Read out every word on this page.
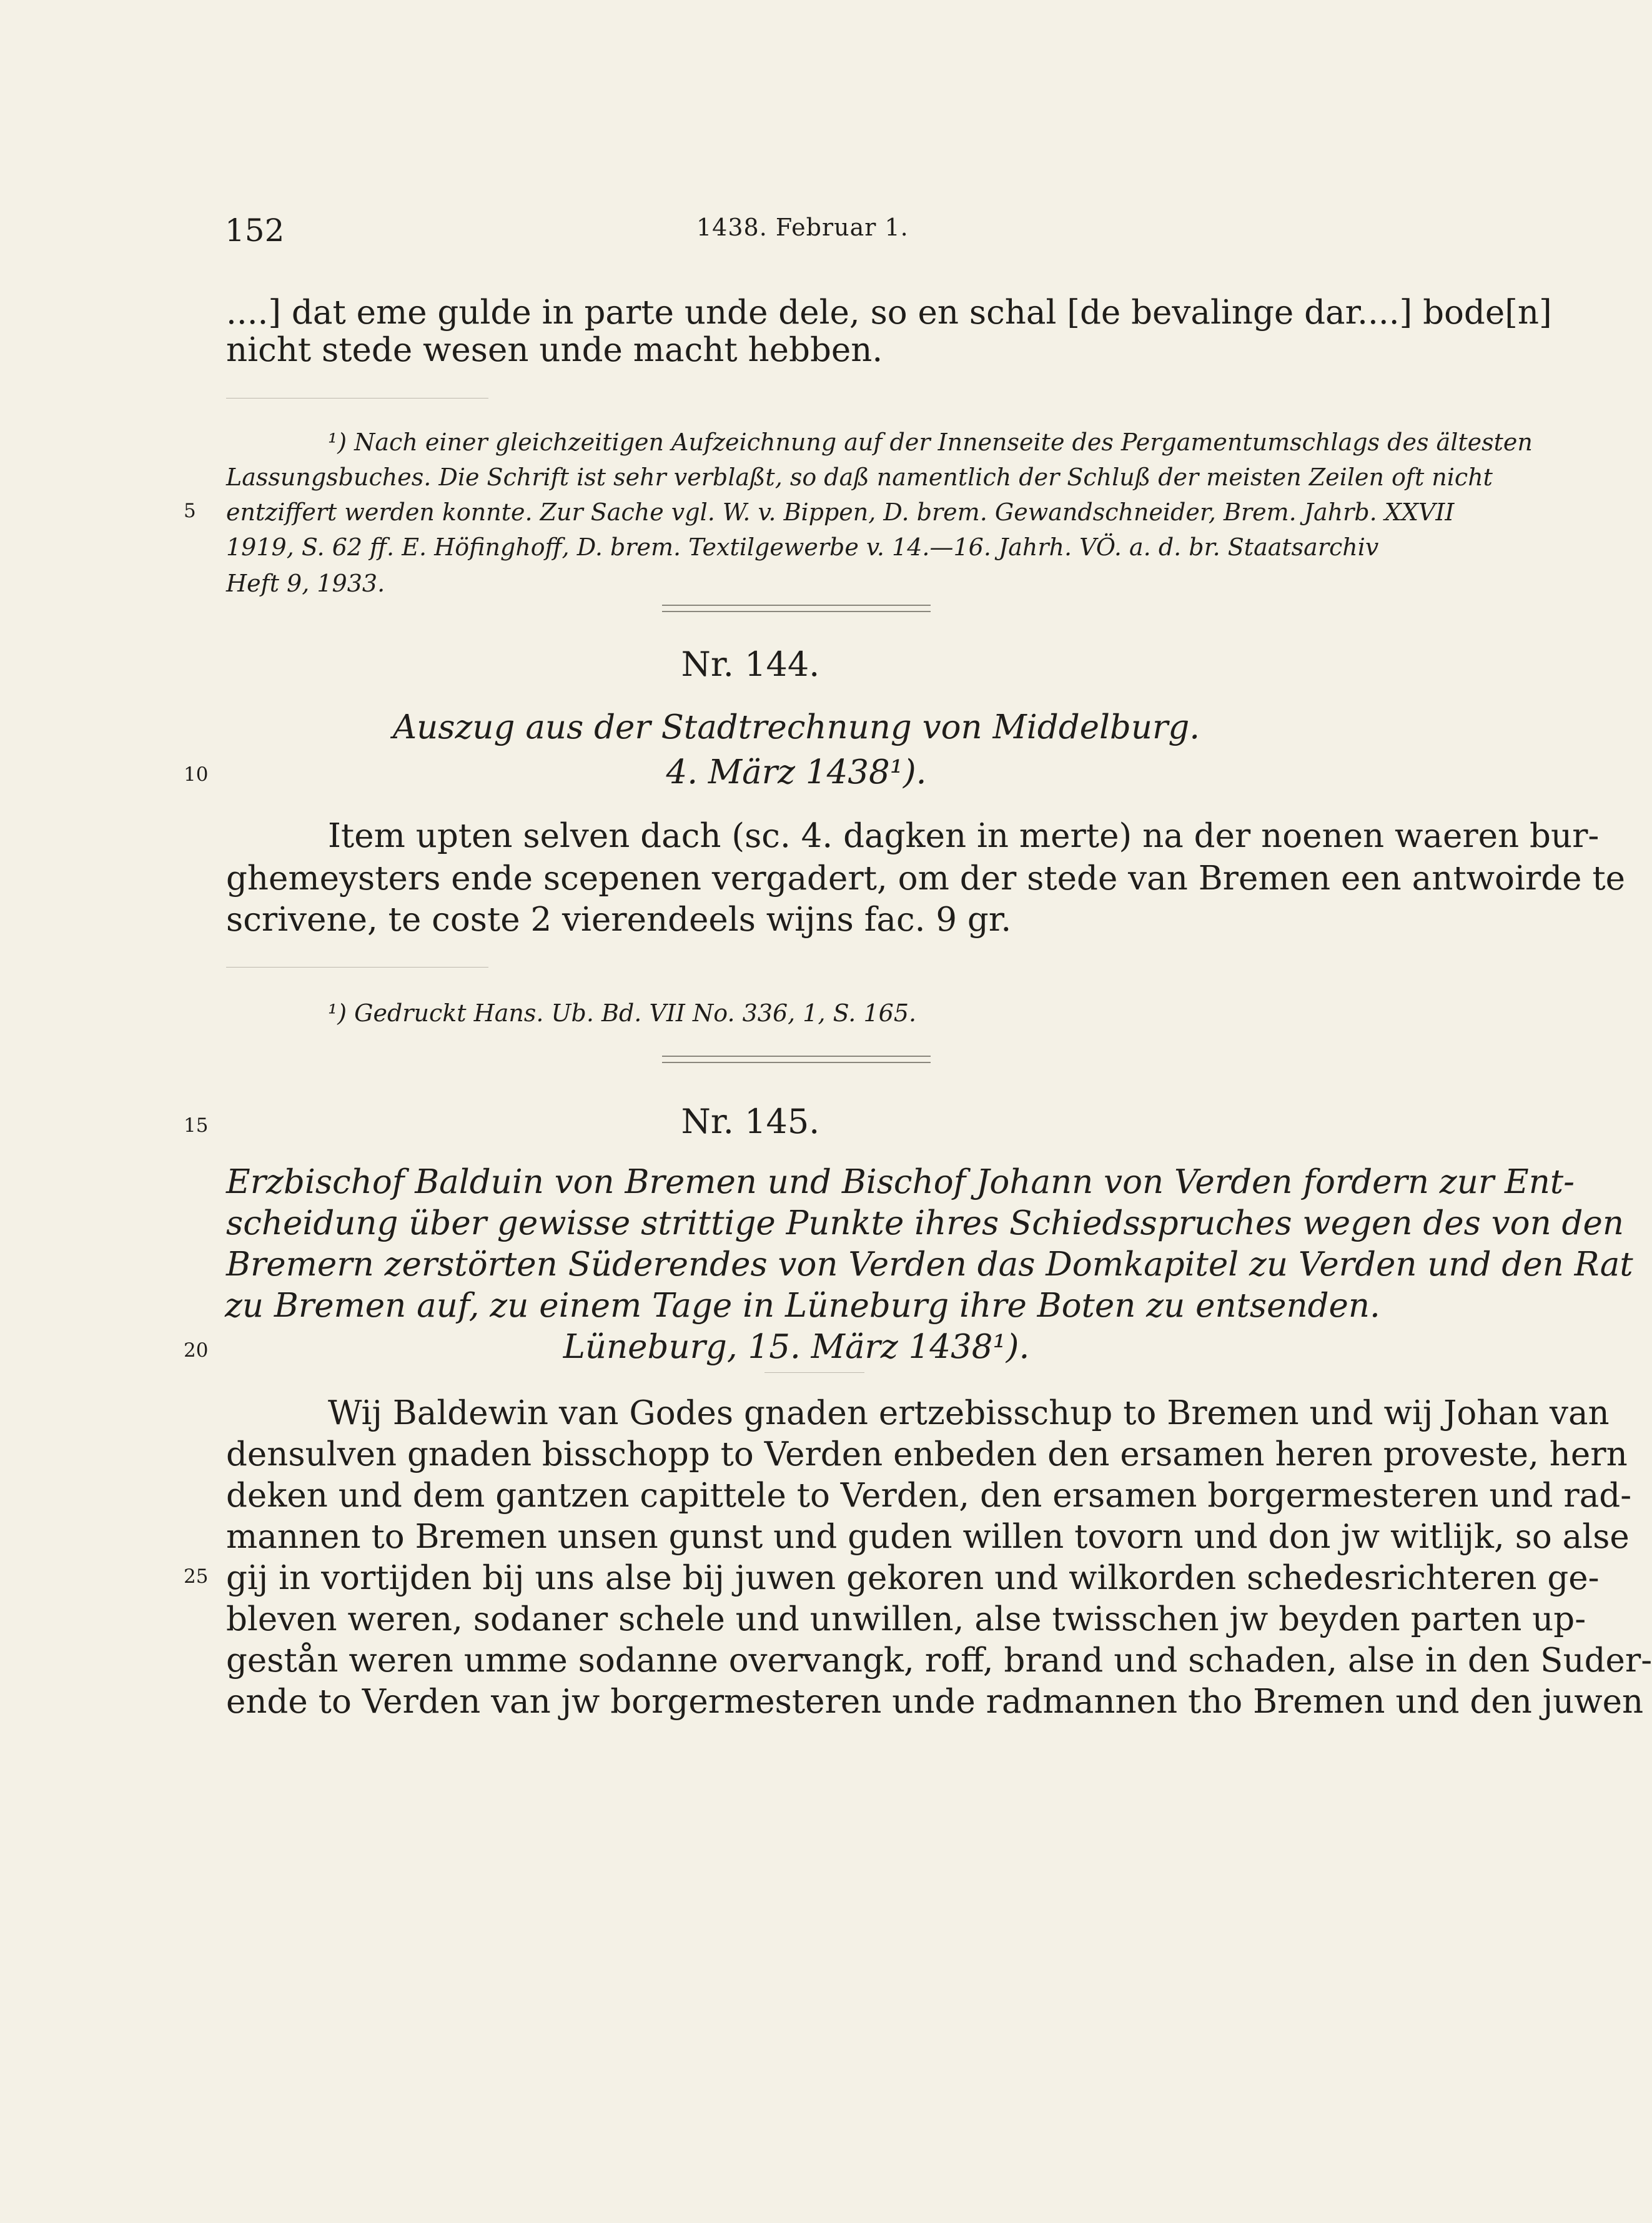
152	1438. Februar 1.
....] dat eme gulde in parte unde dele, so en schal [de bevalinge dar....] bode[n]
nicht stede wesen unde macht hebben.
¹) Nach einer gleichzeitigen Aufzeichnung auf der Innenseite des Pergamentumschlags des ältesten
Lassungsbuches. Die Schrift ist sehr verblaßt, so daß namentlich der Schluß der meisten Zeilen oft nicht
entziffert werden konnte. Zur Sache vgl. W. v. Bippen, D. brem. Gewandschneider, Brem. Jahrb. XXVII
1919, S. 62 ff. E. Höfinghoff, D. brem. Textilgewerbe v. 14.—16. Jahrh. VÖ. a. d. br. Staatsarchiv
Heft 9, 1933.
Nr. 144.
Auszug aus der Stadtrechnung von Middelburg.
4. März 1438¹).
Item upten selven dach (sc. 4. dagken in merte) na der noenen waeren bur-
ghemeysters ende scepenen vergadert, om der stede van Bremen een antwoirde te
scrivene, te coste 2 vierendeels wijns fac. 9 gr.
¹) Gedruckt Hans. Ub. Bd. VII No. 336, 1, S. 165.
Nr. 145.
Erzbischof Balduin von Bremen und Bischof Johann von Verden fordern zur Ent-
scheidung über gewisse strittige Punkte ihres Schiedsspruches wegen des von den
Bremern zerstörten Süderendes von Verden das Domkapitel zu Verden und den Rat
zu Bremen auf, zu einem Tage in Lüneburg ihre Boten zu entsenden.
Lüneburg, 15. März 1438¹).
Wij Baldewin van Godes gnaden ertzebisschup to Bremen und wij Johan van
densulven gnaden bisschopp to Verden enbeden den ersamen heren proveste, hern
deken und dem gantzen capittele to Verden, den ersamen borgermesteren und rad-
mannen to Bremen unsen gunst und guden willen tovorn und don jw witlijk, so alse
gij in vortijden bij uns alse bij juwen gekoren und wilkorden schedesrichteren ge-
bleven weren, sodaner schele und unwillen, alse twisschen jw beyden parten up-
gestån weren umme sodanne overvangk, roff, brand und schaden, alse in den Suder-
ende to Verden van jw borgermesteren unde radmannen tho Bremen und den juwen
5
10
15
20
25
